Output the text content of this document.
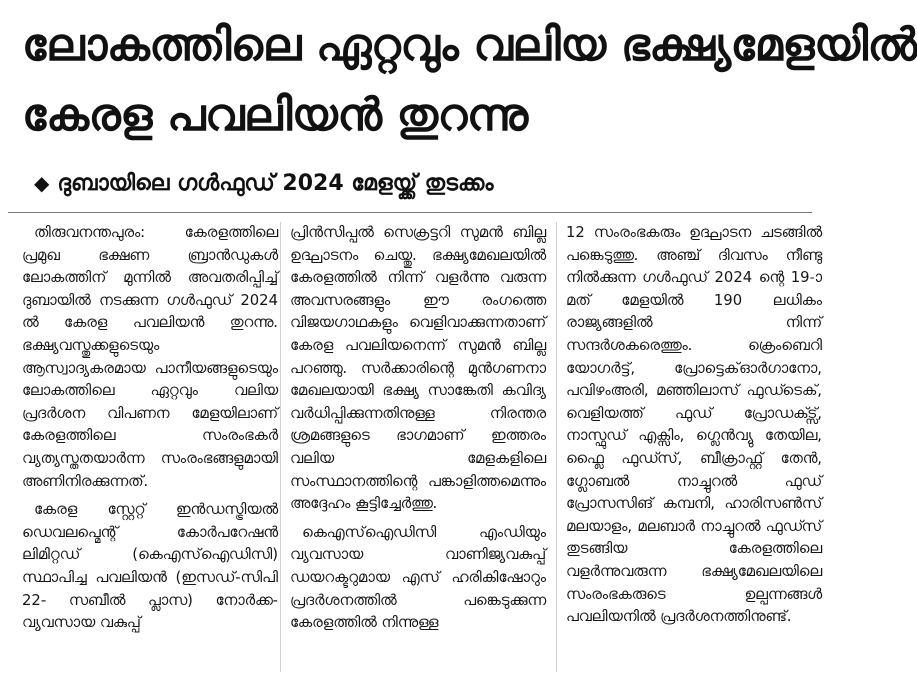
ലോകത്തിലെ ഏറ്റവും വലിയ ഭക്ഷ്യമേളയിൽ
കേരള പവലിയൻ തുറന്നു
◆ ദുബായിലെ ഗൾഫുഡ് 2024 മേളയ്ക്ക് തുടക്കം

തിരുവനന്തപുരം: കേരളത്തിലെ പ്രമുഖ ഭക്ഷണ ബ്രാൻഡുകൾ ലോകത്തിന് മുന്നിൽ അവതരിപ്പിച്ച് ദുബായിൽ നടക്കുന്ന ഗൾഫുഡ് 2024 ൽ കേരള പവലിയൻ തുറന്നു. ഭക്ഷ്യവസ്തുക്കളുടെയും ആസ്വാദ്യകരമായ പാനീയങ്ങളുടെയും ലോകത്തിലെ ഏറ്റവും വലിയ പ്രദർശന വിപണന മേളയിലാണ് കേരളത്തിലെ സംരംഭകർ വ്യത്യസ്തതയാർന്ന സംരംഭങ്ങളുമായി അണിനിരക്കുന്നത്.

കേരള സ്റ്റേറ്റ് ഇൻഡസ്ട്രിയൽ ഡെവലപ്മെന്റ് കോർപറേഷൻ ലിമിറ്റഡ് (കെഎസ്ഐഡിസി) സ്ഥാപിച്ച പവലിയൻ (ഇസഡ്-സിപി 22- സബീൽ പ്ലാസ) നോർക്ക-വ്യവസായ വകുപ്പ്

പ്രിൻസിപ്പൽ സെക്രട്ടറി സുമൻ ബില്ല ഉദ്ഘാടനം ചെയ്തു. ഭക്ഷ്യമേഖലയിൽ കേരളത്തിൽ നിന്ന് വളർന്നു വരുന്ന അവസരങ്ങളും ഈ രംഗത്തെ വിജയഗാഥകളും വെളിവാക്കുന്നതാണ് കേരള പവലിയനെന്ന് സുമൻ ബില്ല പറഞ്ഞു. സർക്കാരിന്റെ മുൻഗണനാ മേഖലയായി ഭക്ഷ്യ സാങ്കേതി കവിദ്യ വർധിപ്പിക്കുന്നതിനുള്ള നിരന്തര ശ്രമങ്ങളുടെ ഭാഗമാണ് ഇത്തരം വലിയ മേളകളിലെ സംസ്ഥാനത്തിന്റെ പങ്കാളിത്തമെന്നും അദ്ദേഹം കൂട്ടിച്ചേർത്തു.

കെഎസ്ഐഡിസി എംഡിയും വ്യവസായ വാണിജ്യവകുപ്പ് ഡയറക്ടറുമായ എസ് ഹരികിഷോറും പ്രദർശനത്തിൽ പങ്കെടുക്കുന്ന കേരളത്തിൽ നിന്നുള്ള

12 സംരംഭകരും ഉദ്ഘാടന ചടങ്ങിൽ പങ്കെടുത്തു. അഞ്ച് ദിവസം നീണ്ടു നിൽക്കുന്ന ഗൾഫുഡ് 2024 ന്റെ 19-ാമത് മേളയിൽ 190 ലധികം രാജ്യങ്ങളിൽ നിന്ന് സന്ദർശകരെത്തും. ക്രെംബെറി യോഗർട്ട്, പ്രോട്ടെക്ഓർഗാനോ, പവിഴംഅരി, മഞ്ഞിലാസ് ഫുഡ്ടെക്, വെളിയത്ത് ഫുഡ് പ്രോഡക്ട്സ്, നാസ്ഫുഡ് എക്സിം, ഗ്ലെൻവ്യു തേയില, ഫ്ലൈ ഫുഡ്സ്, ബീക്രാഫ്റ്റ് തേൻ, ഗ്ലോബൽ നാച്ചുറൽ ഫുഡ് പ്രോസസിങ് കമ്പനി, ഹാരിസൺസ് മലയാളം, മലബാർ നാച്ചുറൽ ഫുഡ്സ് തുടങ്ങിയ കേരളത്തിലെ വളർന്നുവരുന്ന ഭക്ഷ്യമേഖലയിലെ സംരംഭകരുടെ ഉല്പന്നങ്ങൾ പവലിയനിൽ പ്രദർശനത്തിനുണ്ട്.
